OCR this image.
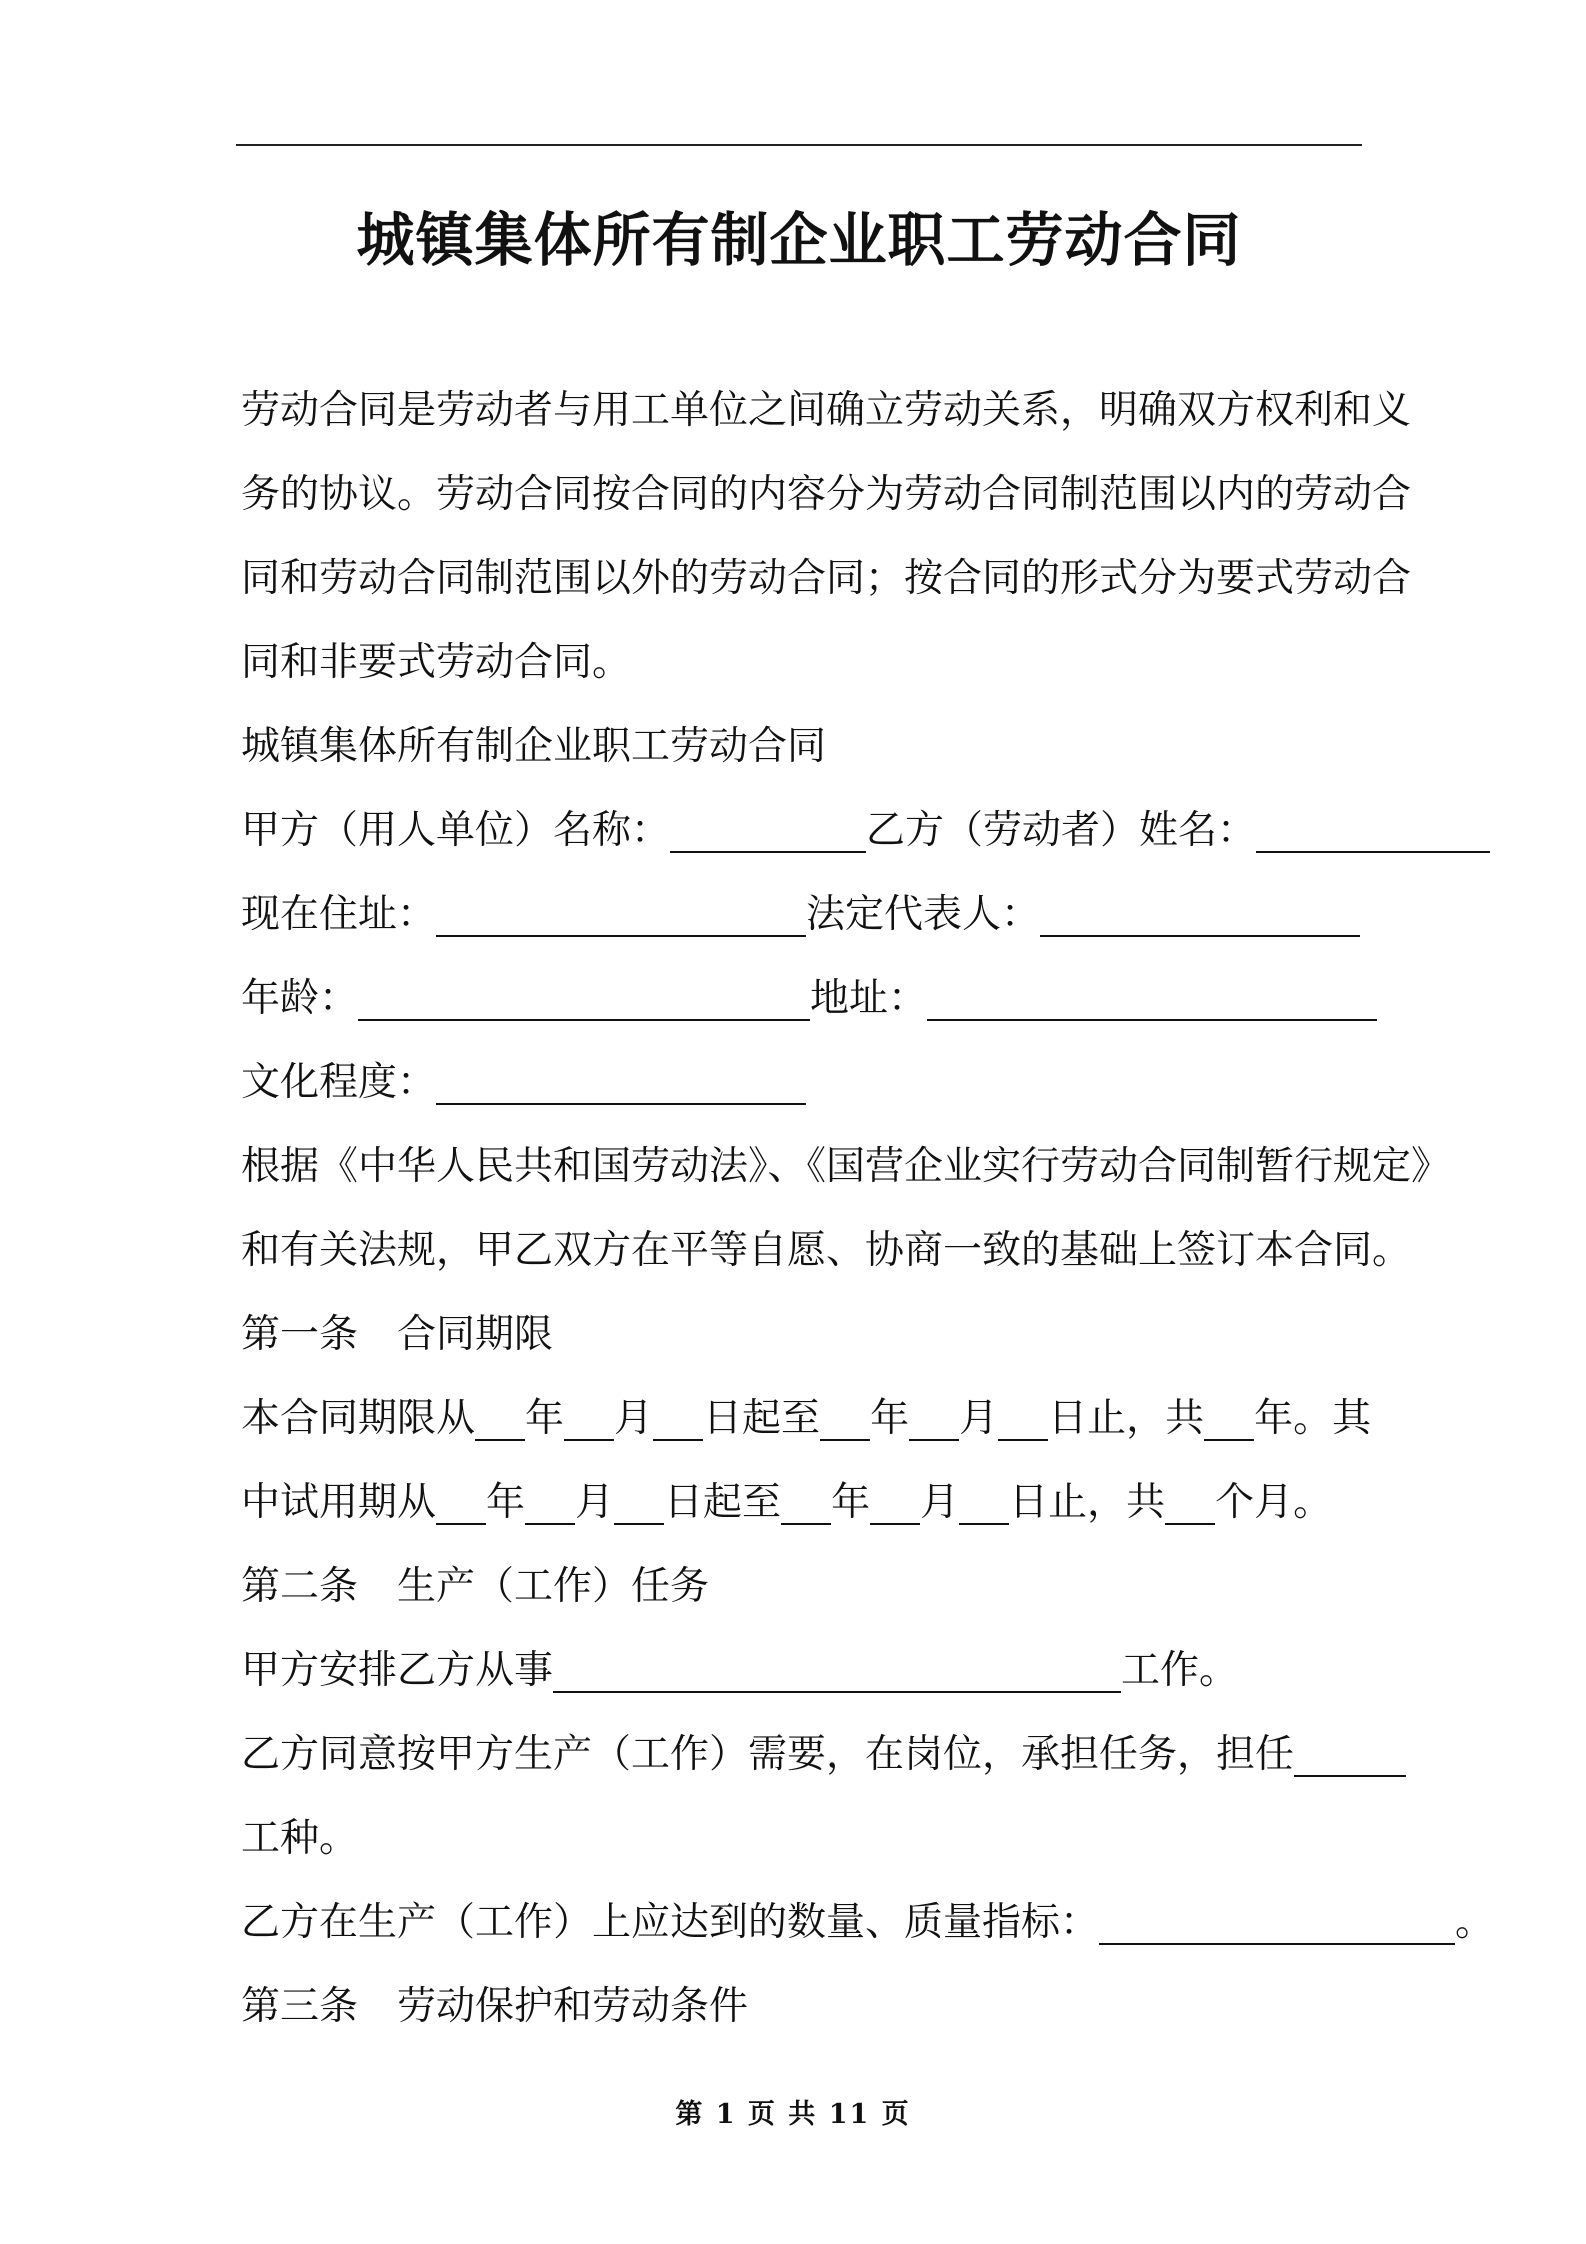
城镇集体所有制企业职工劳动合同
劳动合同是劳动者与用工单位之间确立劳动关系，明确双方权利和义
务的协议。劳动合同按合同的内容分为劳动合同制范围以内的劳动合
同和劳动合同制范围以外的劳动合同；按合同的形式分为要式劳动合
同和非要式劳动合同。
城镇集体所有制企业职工劳动合同
甲方（用人单位）名称：	乙方（劳动者）姓名：
现在住址：	法定代表人：
年龄：	地址：
文化程度：
根据《中华人民共和国劳动法》、《国营企业实行劳动合同制暂行规定》
和有关法规，甲乙双方在平等自愿、协商一致的基础上签订本合同。
第一条　合同期限
本合同期限从 年 月 日起至 年 月 日止，共 年。其
中试用期从 年 月 日起至 年 月 日止，共 个月。
第二条　生产（工作）任务
甲方安排乙方从事	工作。
乙方同意按甲方生产（工作）需要，在岗位，承担任务，担任
工种。
乙方在生产（工作）上应达到的数量、质量指标：	。
第三条　劳动保护和劳动条件
第 1 页 共 11 页
